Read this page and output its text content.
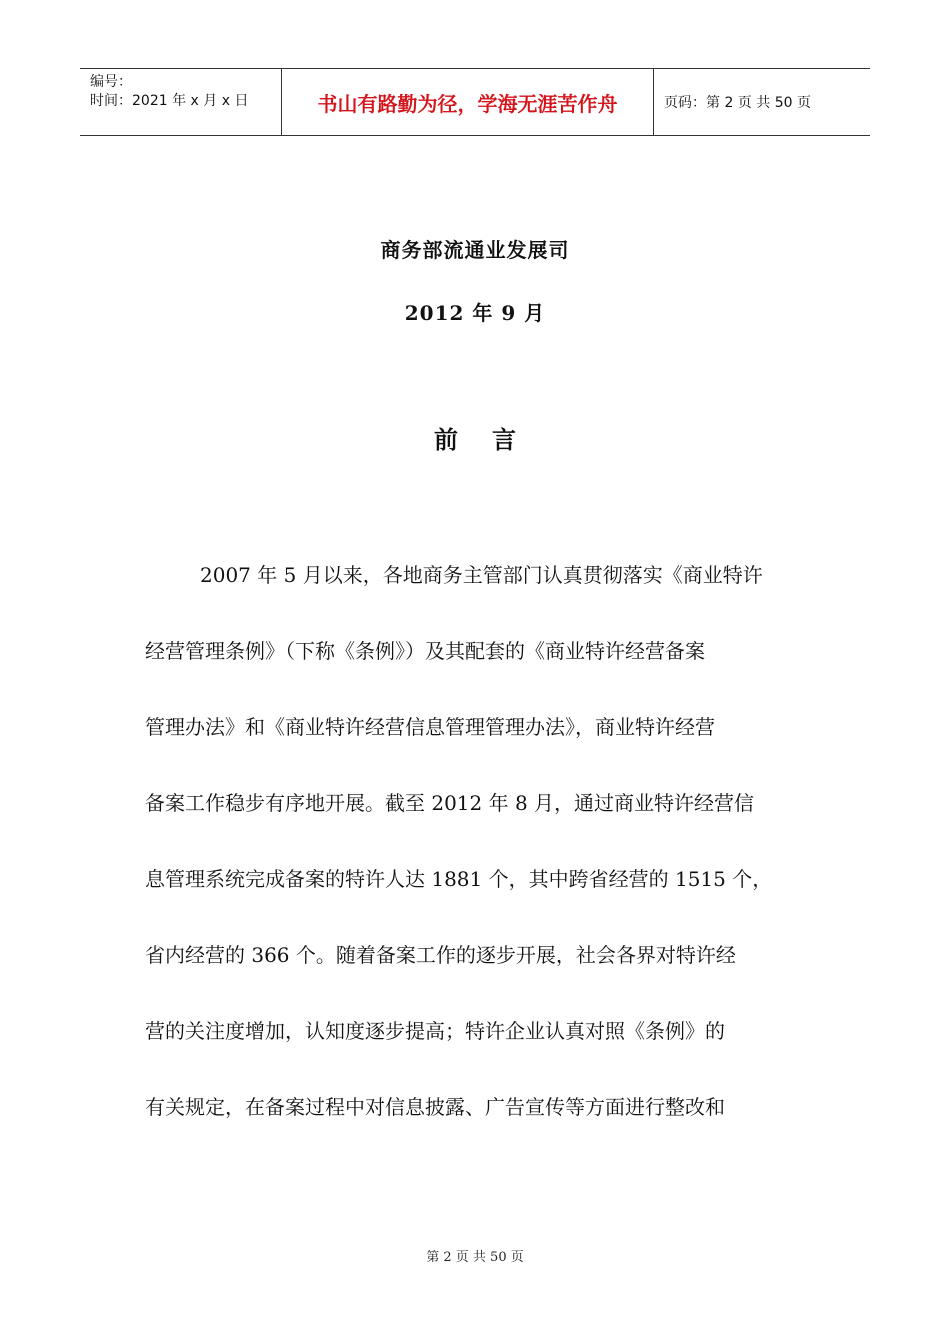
编号：
时间：2021 年 x 月 x 日	书山有路勤为径，学海无涯苦作舟	页码：第 2 页 共 50 页
商务部流通业发展司
2012 年 9 月
前 言
2007 年 5 月以来，各地商务主管部门认真贯彻落实《商业特许
经营管理条例》（下称《条例》）及其配套的《商业特许经营备案
管理办法》和《商业特许经营信息管理管理办法》，商业特许经营
备案工作稳步有序地开展。截至 2012 年 8 月，通过商业特许经营信
息管理系统完成备案的特许人达 1881 个，其中跨省经营的 1515 个，
省内经营的 366 个。随着备案工作的逐步开展，社会各界对特许经
营的关注度增加，认知度逐步提高；特许企业认真对照《条例》的
有关规定，在备案过程中对信息披露、广告宣传等方面进行整改和
第 2 页 共 50 页
